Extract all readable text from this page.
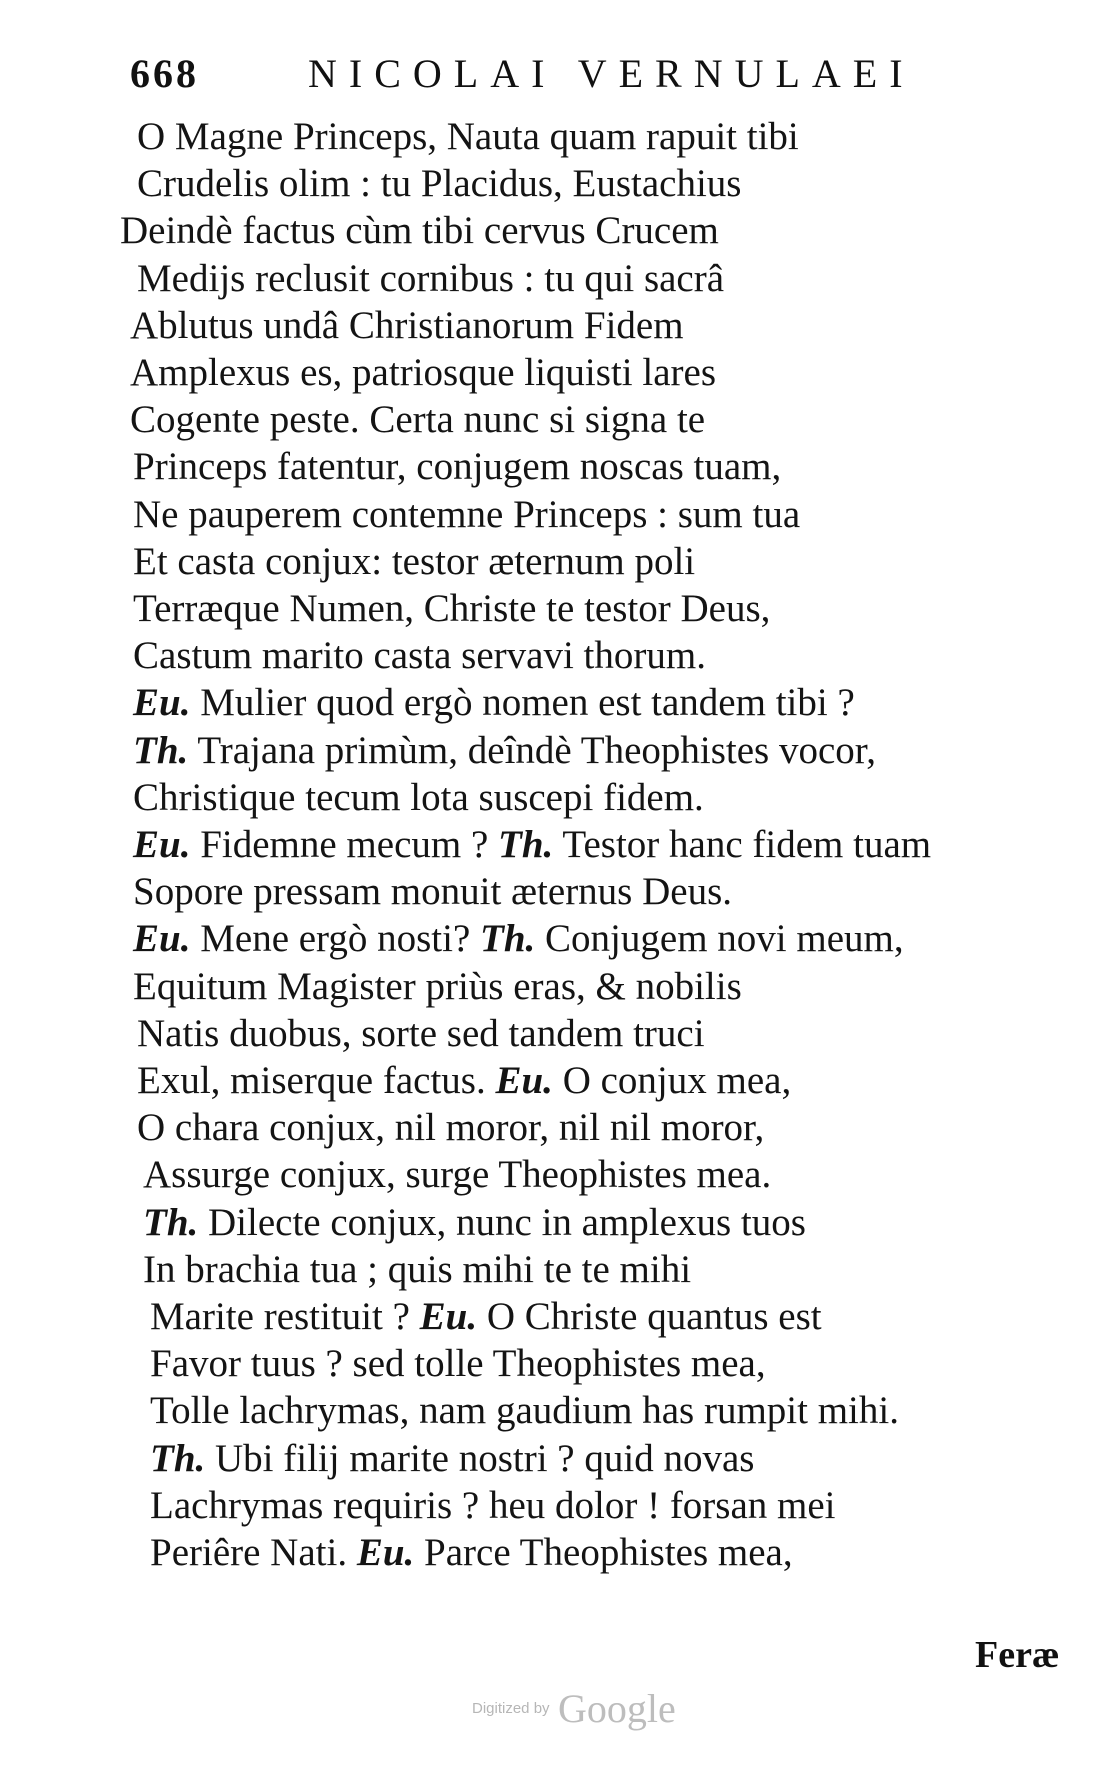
668	NICOLAI VERNULAEI
O Magne Princeps, Nauta quam rapuit tibi
Crudelis olim : tu Placidus, Eustachius
Deindè factus cùm tibi cervus Crucem
Medijs reclusit cornibus : tu qui sacrâ
Ablutus undâ Christianorum Fidem
Amplexus es, patriosque liquisti lares
Cogente peste. Certa nunc si signa te
Princeps fatentur, conjugem noscas tuam,
Ne pauperem contemne Princeps : sum tua
Et casta conjux: testor æternum poli
Terræque Numen, Christe te testor Deus,
Castum marito casta servavi thorum.
Eu. Mulier quod ergò nomen est tandem tibi ?
Th. Trajana primùm, deîndè Theophistes vocor,
Christique tecum lota suscepi fidem.
Eu. Fidemne mecum ? Th. Testor hanc fidem tuam
Sopore pressam monuit æternus Deus.
Eu. Mene ergò nosti? Th. Conjugem novi meum,
Equitum Magister priùs eras, & nobilis
Natis duobus, sorte sed tandem truci
Exul, miserque factus. Eu. O conjux mea,
O chara conjux, nil moror, nil nil moror,
Assurge conjux, surge Theophistes mea.
Th. Dilecte conjux, nunc in amplexus tuos
In brachia tua ; quis mihi te te mihi
Marite restituit ? Eu. O Christe quantus est
Favor tuus ? sed tolle Theophistes mea,
Tolle lachrymas, nam gaudium has rumpit mihi.
Th. Ubi filij marite nostri ? quid novas
Lachrymas requiris ? heu dolor ! forsan mei
Periêre Nati. Eu. Parce Theophistes mea,
Feræ
Digitized by Google
